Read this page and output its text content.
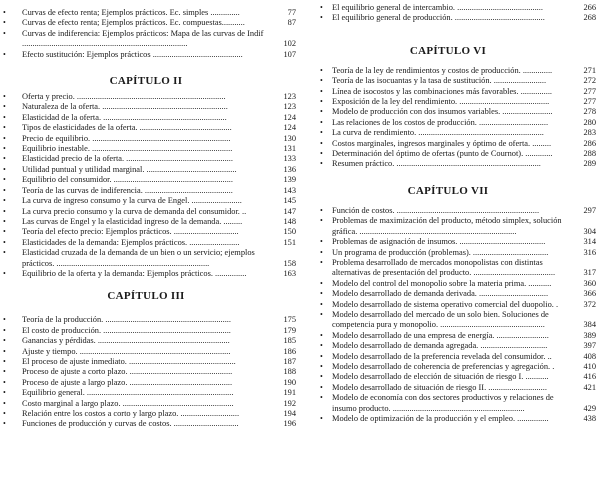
• Curvas de efecto renta; Ejemplos prácticos. Ec. simples ..............	77
• Curvas de efecto renta; Ejemplos prácticos. Ec. compuestas...........	87
• Curvas de indiferencia: Ejemplos prácticos: Mapa de las curvas de Indif ...............................................................................	102
• Efecto sustitución: Ejemplos prácticos ...........................................	107
CAPÍTULO II
• Oferta y precio. .......................................................................	123
• Naturaleza de la oferta. ............................................................	123
• Elasticidad de la oferta. ...........................................................	124
• Tipos de elasticidades de la oferta. ............................................	124
• Precio de equilibrio. ..................................................................	130
• Equilibrio inestable. ...................................................................	131
• Elasticidad precio de la oferta. ...................................................	133
• Utilidad puntual y utilidad marginal. ...........................................	136
• Equilibrio del consumidor. .........................................................	139
• Teoría de las curvas de indiferencia. ..........................................	143
• La curva de ingreso consumo y la curva de Engel. ........................	145
• La curva precio consumo y la curva de demanda del consumidor. ..	147
• Las curvas de Engel y la elasticidad ingreso de la demanda. .........	148
• Teoría del efecto precio: Ejemplos prácticos. ...............................	150
• Elasticidades de la demanda: Ejemplos prácticos. ........................	151
• Elasticidad cruzada de la demanda de un bien o un servicio; ejemplos prácticos. .........................................................................	158
• Equilibrio de la oferta y la demanda: Ejemplos prácticos. ...............	163
CAPÍTULO III
• Teoría de la producción. ............................................................	175
• El costo de producción. .............................................................	179
• Ganancias y pérdidas. ...............................................................	185
• Ajuste y tiempo. ........................................................................	186
• El proceso de ajuste inmediato. ...................................................	187
• Proceso de ajuste a corto plazo. .................................................	188
• Proceso de ajuste a largo plazo. .................................................	190
• Equilibrio general. ......................................................................	191
• Costo marginal a largo plazo. .....................................................	192
• Relación entre los costos a corto y largo plazo. ............................	194
• Funciones de producción y curvas de costos. ...............................	196
• El equilibrio general de intercambio. .........................................	266
• El equilibrio general de producción. ...........................................	268
CAPÍTULO VI
• Teoría de la ley de rendimientos y costos de producción. ..............	271
• Teoría de las isocuantas y la tasa de sustitución. .........................	272
• Línea de isocostos y las combinaciones más favorables. ...............	277
• Exposición de la ley del rendimiento. ...........................................	277
• Modelo de producción con dos insumos variables. ........................	278
• Las relaciones de los costos de producción. .................................	280
• La curva de rendimiento. ............................................................	283
• Costos marginales, ingresos marginales y óptimo de oferta. .........	286
• Determinación del óptimo de ofertas (punto de Cournot). .............	288
• Resumen práctico. .....................................................................	289
CAPÍTULO VII
• Función de costos. ....................................................................	297
• Problemas de maximización del producto, método simplex, solución gráfica. ...........................................................................	304
• Problemas de asignación de insumos. .........................................	314
• Un programa de producción (problemas). ....................................	316
• Problema desarrollado de mercados monopolistas con distintas alternativas de presentación del producto. .......................................	317
• Modelo del control del monopolio sobre la materia prima. ...........	360
• Modelo desarrollado de demanda derivada. .................................	366
• Modelo desarrollado de sistema operativo comercial del duopolio. .	372
• Modelo desarrollado del mercado de un solo bien. Soluciones de competencia pura y monopolio. ..................................................	384
• Modelo desarrollado de una empresa de energía. .........................	389
• Modelo desarrollado de demanda agregada. ................................	397
• Modelo desarrollado de la preferencia revelada del consumidor. ..	408
• Modelo desarrollado de coherencia de preferencias y agregación. .	410
• Modelo desarrollado de elección de situación de riesgo I. ...........	416
• Modelo desarrollado de situación de riesgo II. ............................	421
• Modelo de economía con dos sectores productivos y relaciones de insumo producto. ...............................................................	429
• Modelo de optimización de la producción y el empleo. ...............	438
